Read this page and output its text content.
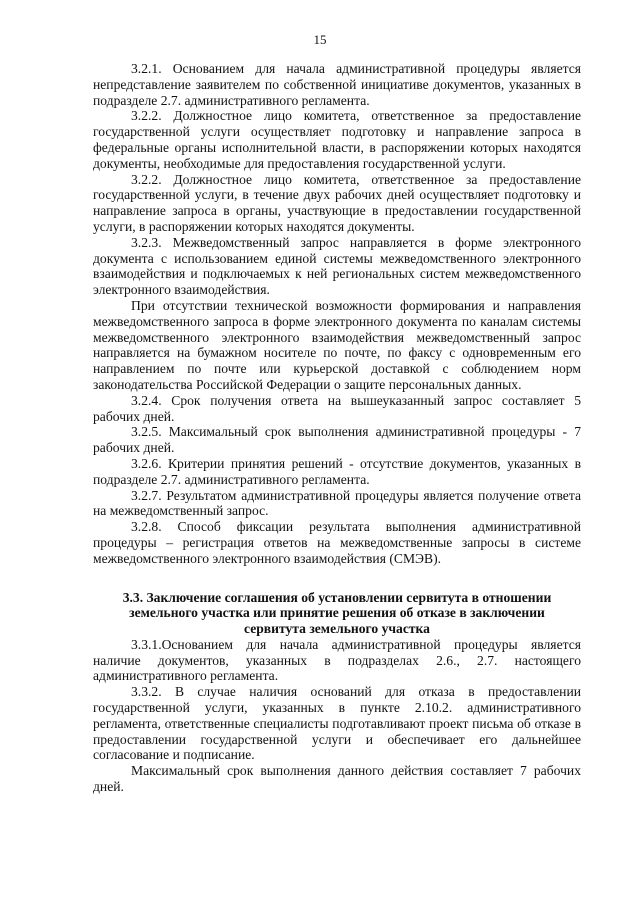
15

3.2.1. Основанием для начала административной процедуры является непредставление заявителем по собственной инициативе документов, указанных в подразделе 2.7. административного регламента.

3.2.2. Должностное лицо комитета, ответственное за предоставление государственной услуги осуществляет подготовку и направление запроса в федеральные органы исполнительной власти, в распоряжении которых находятся документы, необходимые для предоставления государственной услуги.

3.2.2. Должностное лицо комитета, ответственное за предоставление государственной услуги, в течение двух рабочих дней осуществляет подготовку и направление запроса в органы, участвующие в предоставлении государственной услуги, в распоряжении которых находятся документы.

3.2.3. Межведомственный запрос направляется в форме электронного документа с использованием единой системы межведомственного электронного взаимодействия и подключаемых к ней региональных систем межведомственного электронного взаимодействия.

При отсутствии технической возможности формирования и направления межведомственного запроса в форме электронного документа по каналам системы межведомственного электронного взаимодействия межведомственный запрос направляется на бумажном носителе по почте, по факсу с одновременным его направлением по почте или курьерской доставкой с соблюдением норм законодательства Российской Федерации о защите персональных данных.

3.2.4. Срок получения ответа на вышеуказанный запрос составляет 5 рабочих дней.

3.2.5. Максимальный срок выполнения административной процедуры - 7 рабочих дней.

3.2.6. Критерии принятия решений - отсутствие документов, указанных в подразделе 2.7. административного регламента.

3.2.7. Результатом административной процедуры является получение ответа на межведомственный запрос.

3.2.8. Способ фиксации результата выполнения административной процедуры – регистрация ответов на межведомственные запросы в системе межведомственного электронного взаимодействия (СМЭВ).

3.3. Заключение соглашения об установлении сервитута в отношении земельного участка или принятие решения об отказе в заключении сервитута земельного участка

3.3.1.Основанием для начала административной процедуры является наличие документов, указанных в подразделах 2.6., 2.7. настоящего административного регламента.

3.3.2. В случае наличия оснований для отказа в предоставлении государственной услуги, указанных в пункте 2.10.2. административного регламента, ответственные специалисты подготавливают проект письма об отказе в предоставлении государственной услуги и обеспечивает его дальнейшее согласование и подписание.

Максимальный срок выполнения данного действия составляет 7 рабочих дней.
